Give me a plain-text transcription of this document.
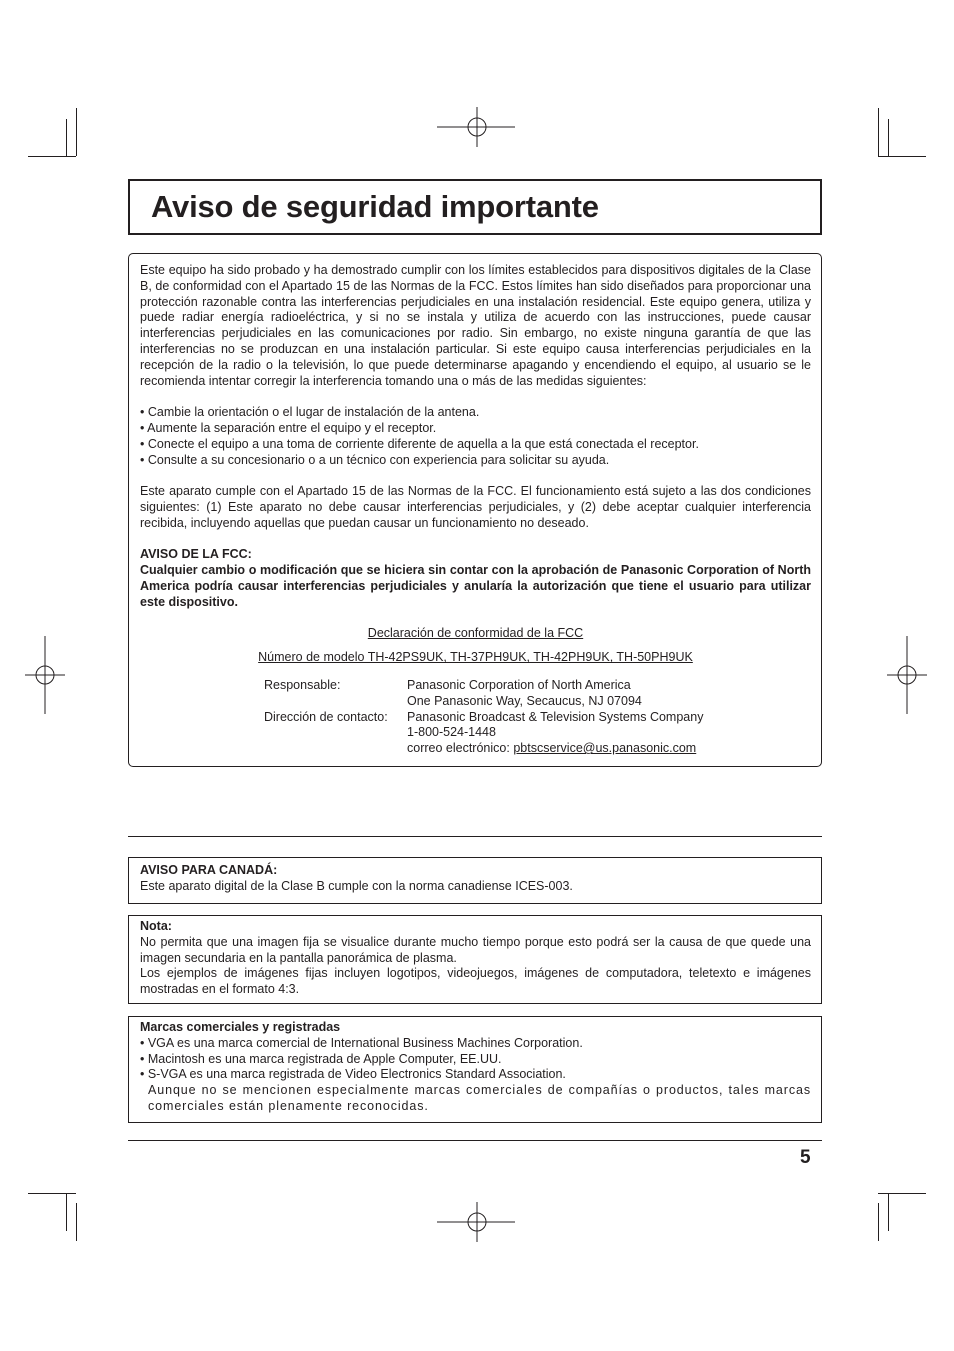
Aviso de seguridad importante

Este equipo ha sido probado y ha demostrado cumplir con los límites establecidos para dispositivos digitales de la Clase B, de conformidad con el Apartado 15 de las Normas de la FCC. Estos límites han sido diseñados para proporcionar una protección razonable contra las interferencias perjudiciales en una instalación residencial. Este equipo genera, utiliza y puede radiar energía radioeléctrica, y si no se instala y utiliza de acuerdo con las instrucciones, puede causar interferencias perjudiciales en las comunicaciones por radio. Sin embargo, no existe ninguna garantía de que las interferencias no se produzcan en una instalación particular. Si este equipo causa interferencias perjudiciales en la recepción de la radio o la televisión, lo que puede determinarse apagando y encendiendo el equipo, al usuario se le recomienda intentar corregir la interferencia tomando una o más de las medidas siguientes:

• Cambie la orientación o el lugar de instalación de la antena.
• Aumente la separación entre el equipo y el receptor.
• Conecte el equipo a una toma de corriente diferente de aquella a la que está conectada el receptor.
• Consulte a su concesionario o a un técnico con experiencia para solicitar su ayuda.

Este aparato cumple con el Apartado 15 de las Normas de la FCC. El funcionamiento está sujeto a las dos condiciones siguientes: (1) Este aparato no debe causar interferencias perjudiciales, y (2) debe aceptar cualquier interferencia recibida, incluyendo aquellas que puedan causar un funcionamiento no deseado.

AVISO DE LA FCC:

Cualquier cambio o modificación que se hiciera sin contar con la aprobación de Panasonic Corporation of North America podría causar interferencias perjudiciales y anularía la autorización que tiene el usuario para utilizar este dispositivo.

Declaración de conformidad de la FCC
Número de modelo TH-42PS9UK, TH-37PH9UK, TH-42PH9UK, TH-50PH9UK
Responsable:	Panasonic Corporation of North America
One Panasonic Way, Secaucus, NJ 07094
Dirección de contacto: Panasonic Broadcast & Television Systems Company
1-800-524-1448
correo electrónico: pbtscservice@us.panasonic.com
AVISO PARA CANADÁ:
Este aparato digital de la Clase B cumple con la norma canadiense ICES-003.
Nota:

No permita que una imagen fija se visualice durante mucho tiempo porque esto podrá ser la causa de que quede una imagen secundaria en la pantalla panorámica de plasma.

Los ejemplos de imágenes fijas incluyen logotipos, videojuegos, imágenes de computadora, teletexto e imágenes mostradas en el formato 4:3.

Marcas comerciales y registradas
• VGA es una marca comercial de International Business Machines Corporation.
• Macintosh es una marca registrada de Apple Computer, EE.UU.
• S-VGA es una marca registrada de Video Electronics Standard Association.

Aunque no se mencionen especialmente marcas comerciales de compañías o productos, tales marcas comerciales están plenamente reconocidas.

5
